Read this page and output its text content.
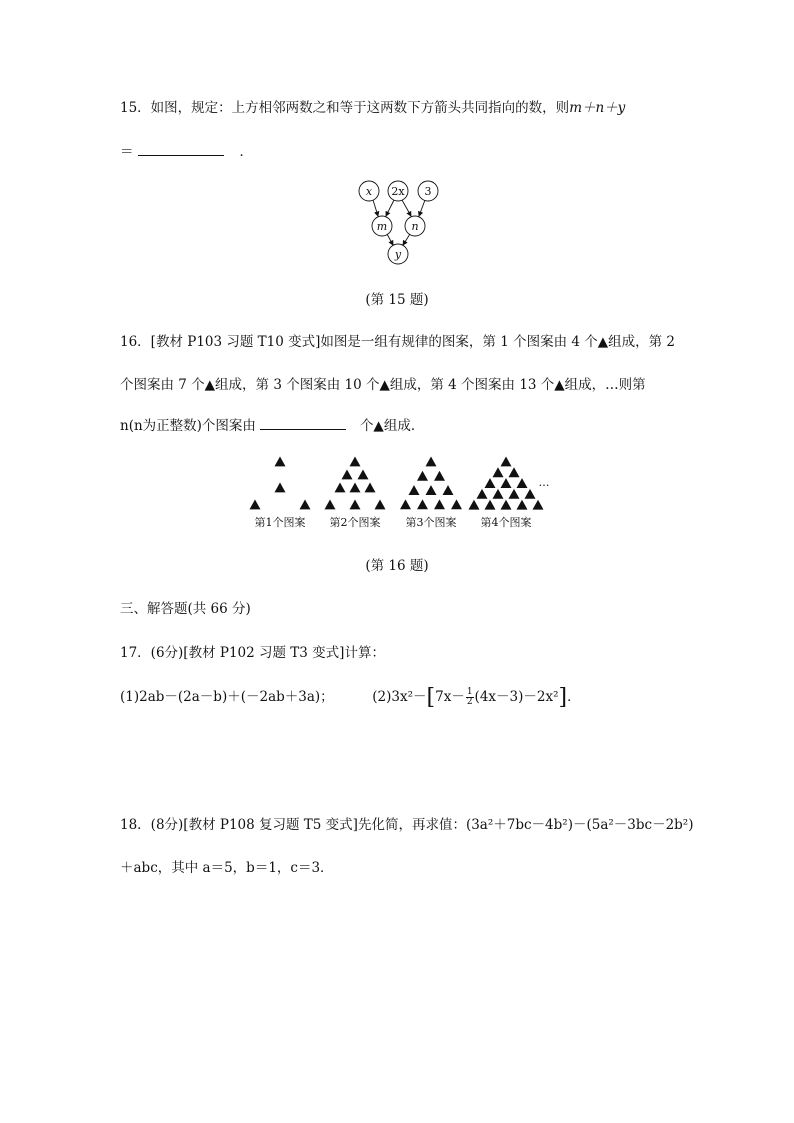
15．如图，规定：上方相邻两数之和等于这两数下方箭头共同指向的数，则m＋n＋y
＝	．
x 2x 3
m n
y
(第 15 题)
16．[教材 P103 习题 T10 变式]如图是一组有规律的图案，第 1 个图案由 4 个▲组成，第 2
个图案由 7 个▲组成，第 3 个图案由 10 个▲组成，第 4 个图案由 13 个▲组成，…则第
n(n为正整数)个图案由	个▲组成．
第1个图案 第2个图案 第3个图案 第4个图案
…
(第 16 题)
三、解答题(共 66 分)
17．(6分)[教材 P102 习题 T3 变式]计算：
(1)2ab－(2a－b)＋(－2ab＋3a)；	$(2)3x^2-[7x- \frac{1}{2} (4x-3)-2x^2]$．
18．(8分)[教材 P108 复习题 T5 变式]先化简，再求值：(3a²＋7bc－4b²)－(5a²－3bc－2b²)
＋abc，其中 a＝5，b＝1，c＝3．
